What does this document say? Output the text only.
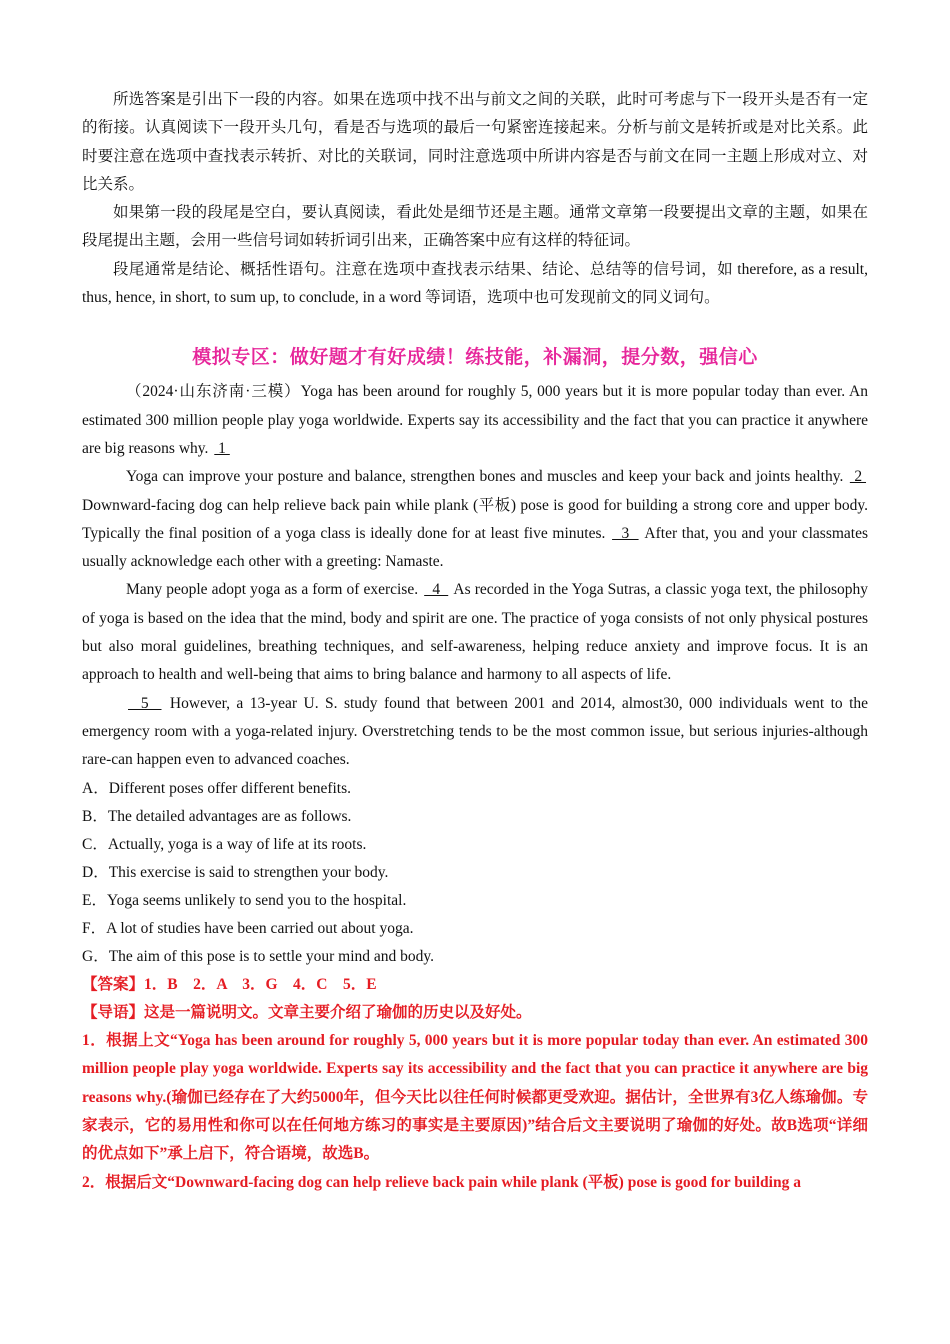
所选答案是引出下一段的内容。如果在选项中找不出与前文之间的关联，此时可考虑与下一段开头是否有一定的衔接。认真阅读下一段开头几句，看是否与选项的最后一句紧密连接起来。分析与前文是转折或是对比关系。此时要注意在选项中查找表示转折、对比的关联词，同时注意选项中所讲内容是否与前文在同一主题上形成对立、对比关系。

如果第一段的段尾是空白，要认真阅读，看此处是细节还是主题。通常文章第一段要提出文章的主题，如果在段尾提出主题，会用一些信号词如转折词引出来，正确答案中应有这样的特征词。

段尾通常是结论、概括性语句。注意在选项中查找表示结果、结论、总结等的信号词，如 therefore, as a result, thus, hence, in short, to sum up, to conclude, in a word 等词语，选项中也可发现前文的同义词句。

模拟专区：做好题才有好成绩！练技能，补漏洞，提分数，强信心

（2024·山东济南·三模）Yoga has been around for roughly 5, 000 years but it is more popular today than ever. An estimated 300 million people play yoga worldwide. Experts say its accessibility and the fact that you can practice it anywhere are big reasons why.  1

Yoga can improve your posture and balance, strengthen bones and muscles and keep your back and joints healthy.  2  Downward-facing dog can help relieve back pain while plank (平板) pose is good for building a strong core and upper body. Typically the final position of a yoga class is ideally done for at least five minutes.   3   After that, you and your classmates usually acknowledge each other with a greeting: Namaste.

Many people adopt yoga as a form of exercise.   4   As recorded in the Yoga Sutras, a classic yoga text, the philosophy of yoga is based on the idea that the mind, body and spirit are one. The practice of yoga consists of not only physical postures but also moral guidelines, breathing techniques, and self-awareness, helping reduce anxiety and improve focus. It is an approach to health and well-being that aims to bring balance and harmony to all aspects of life.

5   However, a 13-year U. S. study found that between 2001 and 2014, almost30, 000 individuals went to the emergency room with a yoga-related injury. Overstretching tends to be the most common issue, but serious injuries-although rare-can happen even to advanced coaches.

A．Different poses offer different benefits.

B．The detailed advantages are as follows.

C．Actually, yoga is a way of life at its roots.

D．This exercise is said to strengthen your body.

E．Yoga seems unlikely to send you to the hospital.

F．A lot of studies have been carried out about yoga.

G．The aim of this pose is to settle your mind and body.

【答案】1．B　2．A　3．G　4．C　5．E

【导语】这是一篇说明文。文章主要介绍了瑜伽的历史以及好处。

1．根据上文“Yoga has been around for roughly 5, 000 years but it is more popular today than ever. An estimated 300 million people play yoga worldwide. Experts say its accessibility and the fact that you can practice it anywhere are big reasons why.(瑜伽已经存在了大约5000年，但今天比以往任何时候都更受欢迎。据估计，全世界有3亿人练瑜伽。专家表示，它的易用性和你可以在任何地方练习的事实是主要原因)”结合后文主要说明了瑜伽的好处。故B选项“详细的优点如下”承上启下，符合语境，故选B。

2．根据后文“Downward-facing dog can help relieve back pain while plank (平板) pose is good for building a
